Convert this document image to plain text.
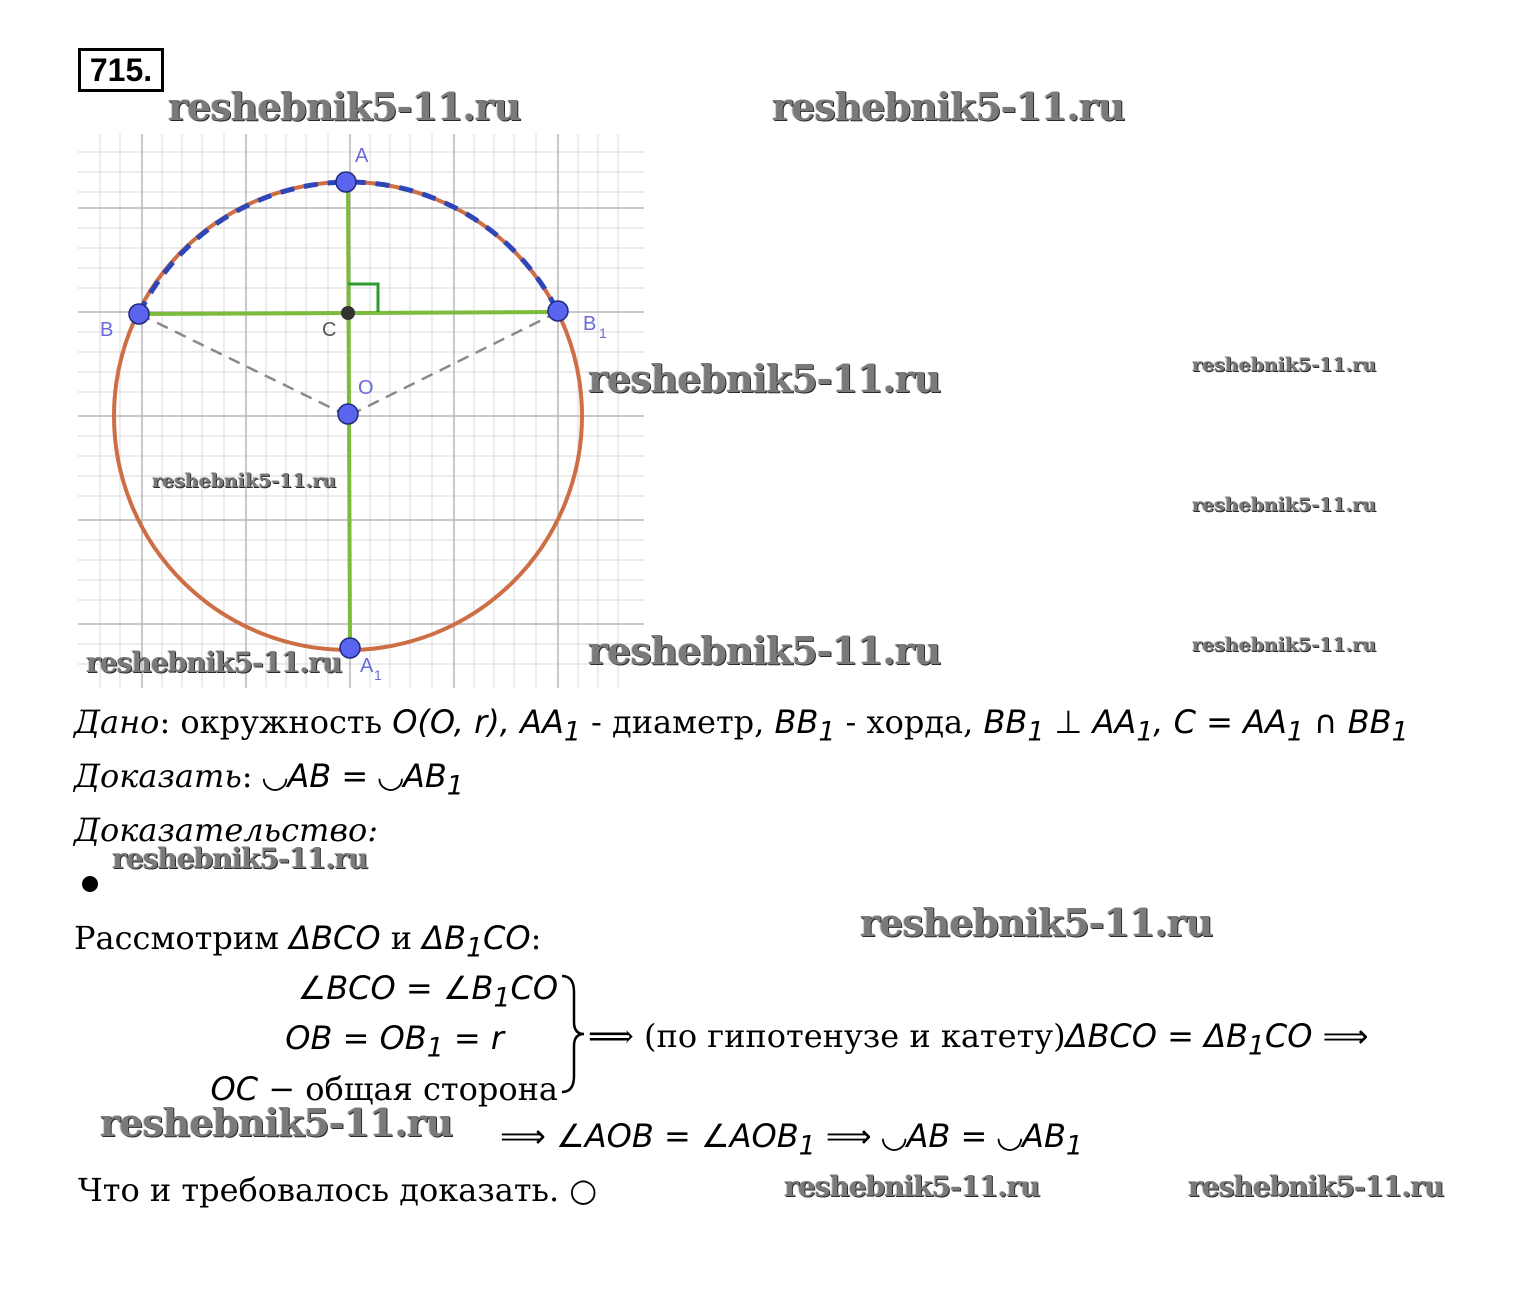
715.
A
B	B 1
C
O
A 1
reshebnik5-11.ru	reshebnik5-11.ru
reshebnik5-11.ru	reshebnik5-11.ru
reshebnik5-11.ru
reshebnik5-11.ru
reshebnik5-11.ru
reshebnik5-11.ru
reshebnik5-11.ru
reshebnik5-11.ru
reshebnik5-11.ru
reshebnik5-11.ru
reshebnik5-11.ru	reshebnik5-11.ru
Дано: окружность O(O, r), $AA_1$ - диаметр, $BB_1$ - хорда, $BB_1$ ⊥ $AA_1$, $C = AA_1$ ∩ $BB_1$
Доказать: ◡AB = $◡AB_1$
Доказательство:
Рассмотрим ΔBCO и $\Delta B_1CO$:
∠BCO = $\angle B_1CO$
OB = $OB_1 = r$
OC − общая сторона
⟹ (по гипотенузе и катету)ΔBCO = $\Delta B_1CO$ ⟹
⟹ ∠AOB = $\angle AOB_1$ ⟹ ◡AB = $◡AB_1$
Что и требовалось доказать. ○
